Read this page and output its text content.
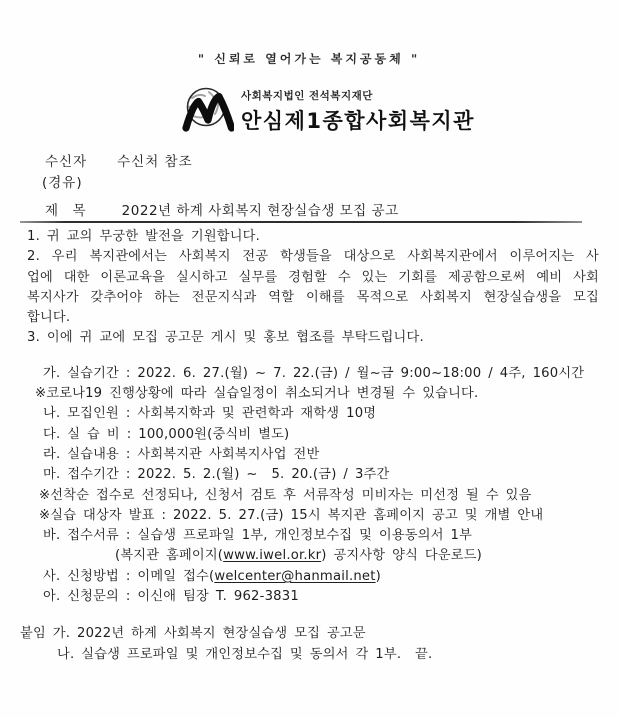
" 신뢰로 열어가는 복지공동체 "
사회복지법인 전석복지재단
안심제1종합사회복지관
수신자 수신처 참조
(경유)
제  목	2022년 하계 사회복지 현장실습생 모집 공고
1. 귀 교의 무궁한 발전을 기원합니다.
2. 우리 복지관에서는 사회복지 전공 학생들을 대상으로 사회복지관에서 이루어지는 사
업에 대한 이론교육을 실시하고 실무를 경험할 수 있는 기회를 제공함으로써 예비 사회
복지사가 갖추어야 하는 전문지식과 역할 이해를 목적으로 사회복지 현장실습생을 모집
합니다.
3. 이에 귀 교에 모집 공고문 게시 및 홍보 협조를 부탁드립니다.
가. 실습기간 : 2022. 6. 27.(월) ~ 7. 22.(금) / 월~금 9:00~18:00 / 4주, 160시간
※코로나19 진행상황에 따라 실습일정이 취소되거나 변경될 수 있습니다.
나. 모집인원 : 사회복지학과 및 관련학과 재학생 10명
다. 실 습 비 : 100,000원(중식비 별도)
라. 실습내용 : 사회복지관 사회복지사업 전반
마. 접수기간 : 2022. 5. 2.(월) ~  5. 20.(금) / 3주간
※선착순 접수로 선정되나, 신청서 검토 후 서류작성 미비자는 미선정 될 수 있음
※실습 대상자 발표 : 2022. 5. 27.(금) 15시 복지관 홈페이지 공고 및 개별 안내
바. 접수서류 : 실습생 프로파일 1부, 개인정보수집 및 이용동의서 1부
(복지관 홈페이지(www.iwel.or.kr) 공지사항 양식 다운로드)
사. 신청방법 : 이메일 접수(welcenter@hanmail.net)
아. 신청문의 : 이신애 팀장 T. 962-3831
붙임 가. 2022년 하계 사회복지 현장실습생 모집 공고문
나. 실습생 프로파일 및 개인정보수집 및 동의서 각 1부.  끝.
